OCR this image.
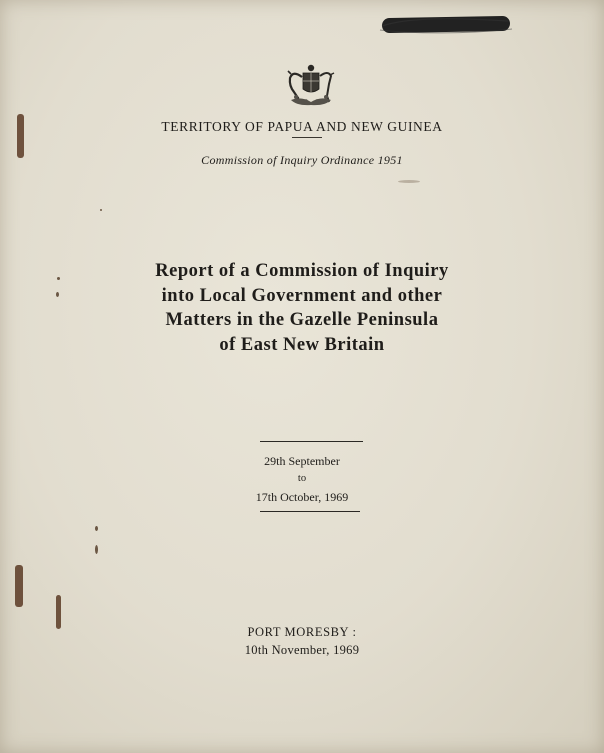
TERRITORY OF PAPUA AND NEW GUINEA
Commission of Inquiry Ordinance 1951
Report of a Commission of Inquiry
into Local Government and other
Matters in the Gazelle Peninsula
of East New Britain
29th September
to
17th October, 1969
PORT MORESBY :
10th November, 1969
